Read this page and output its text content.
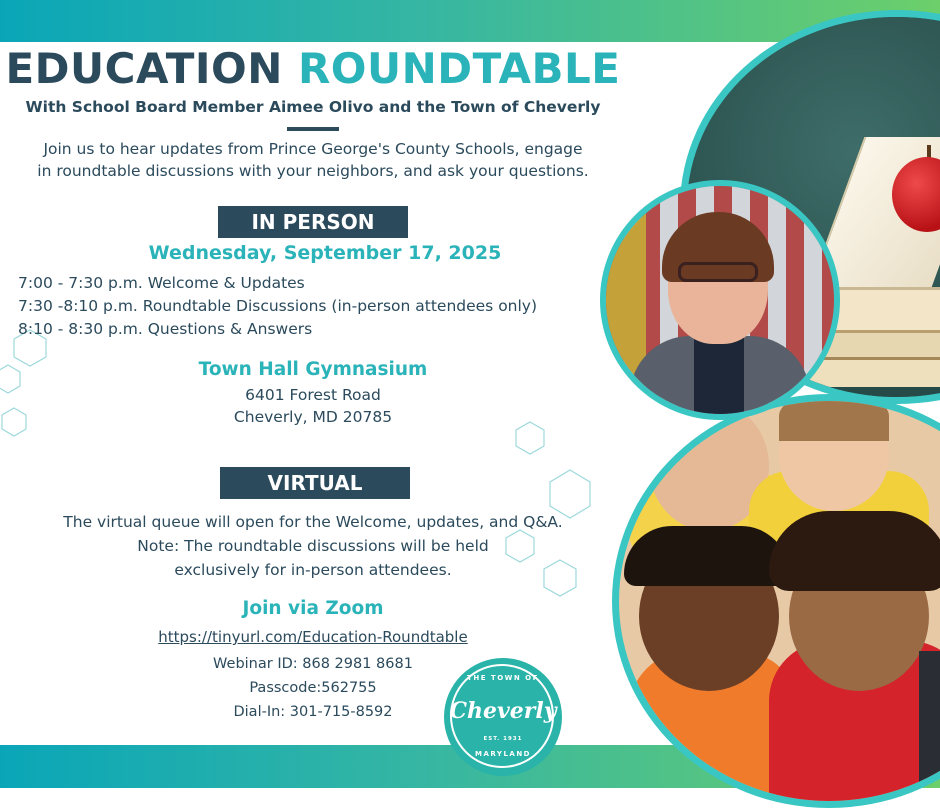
EDUCATION ROUNDTABLE
With School Board Member Aimee Olivo and the Town of Cheverly
Join us to hear updates from Prince George's County Schools, engage
in roundtable discussions with your neighbors, and ask your questions.
IN PERSON
Wednesday, September 17, 2025
7:00 - 7:30 p.m. Welcome & Updates
7:30 -8:10 p.m. Roundtable Discussions (in-person attendees only)
8:10 - 8:30 p.m. Questions & Answers
Town Hall Gymnasium
6401 Forest Road
Cheverly, MD 20785
VIRTUAL
The virtual queue will open for the Welcome, updates, and Q&A.
Note: The roundtable discussions will be held
exclusively for in-person attendees.
Join via Zoom
https://tinyurl.com/Education-Roundtable
Webinar ID: 868 2981 8681
Passcode:562755
Dial-In: 301-715-8592
THE TOWN OF
Cheverly
EST. 1931
MARYLAND
